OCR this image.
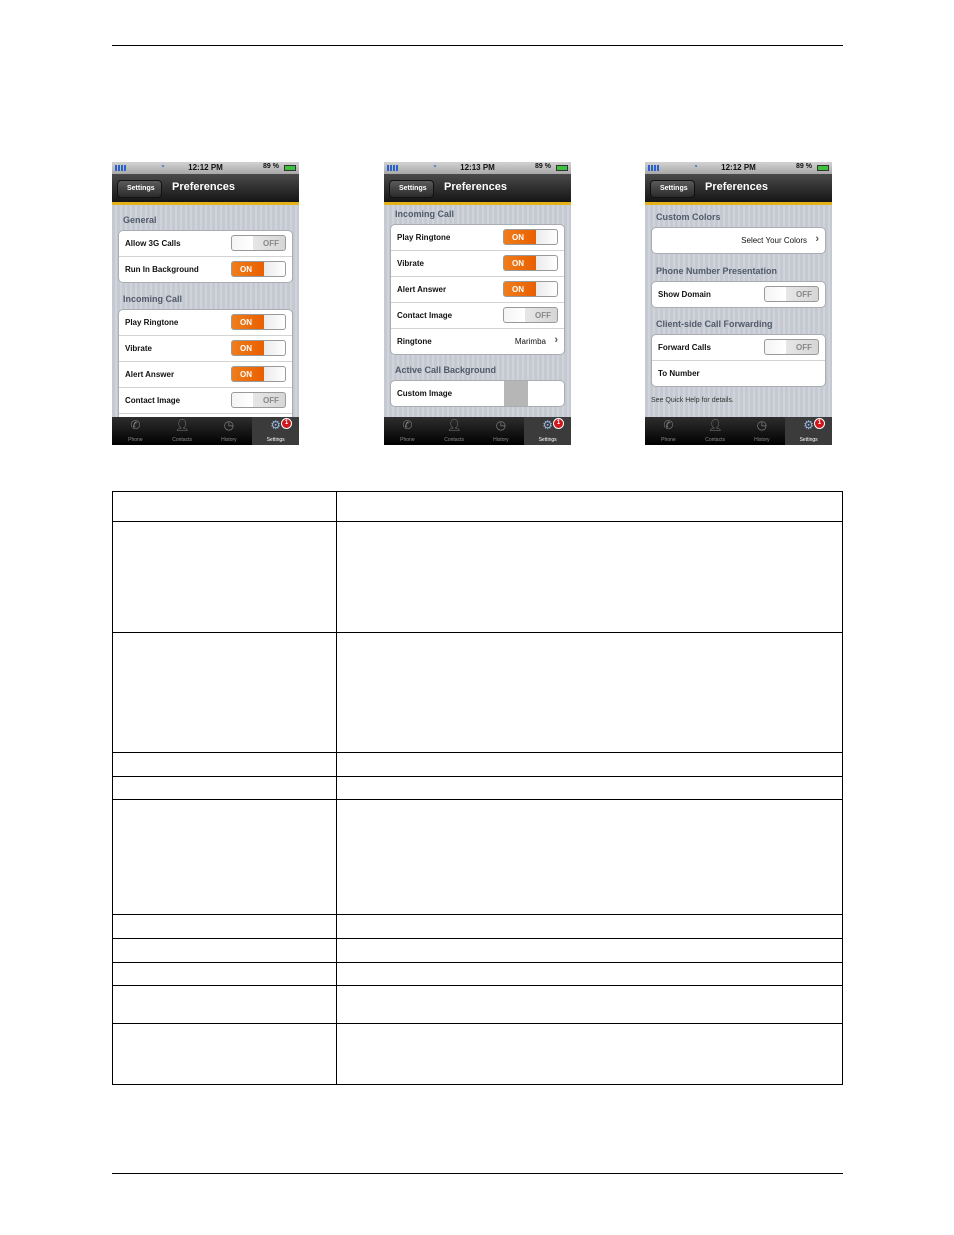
◔	12:12 PM	89 %
Settings	Preferences
General
Allow 3G Calls	OFF
Run In Background	ON
Incoming Call
Play Ringtone	ON
Vibrate	ON
Alert Answer	ON
Contact Image	OFF
✆
Phone
👤︎
Contacts
◷
History
⚙ 1
Settings
◔	12:13 PM	89 %
Settings	Preferences
Incoming Call
Play Ringtone	ON
Vibrate	ON
Alert Answer	ON
Contact Image	OFF
Ringtone	Marimba ›
Active Call Background
Custom Image
✆
Phone
👤︎
Contacts
◷
History
⚙ 1
Settings
◔	12:12 PM	89 %
Settings	Preferences
Custom Colors
Select Your Colors ›
Phone Number Presentation
Show Domain	OFF
Client-side Call Forwarding
Forward Calls	OFF
To Number
See Quick Help for details.
✆
Phone
👤︎
Contacts
◷
History
⚙ 1
Settings
